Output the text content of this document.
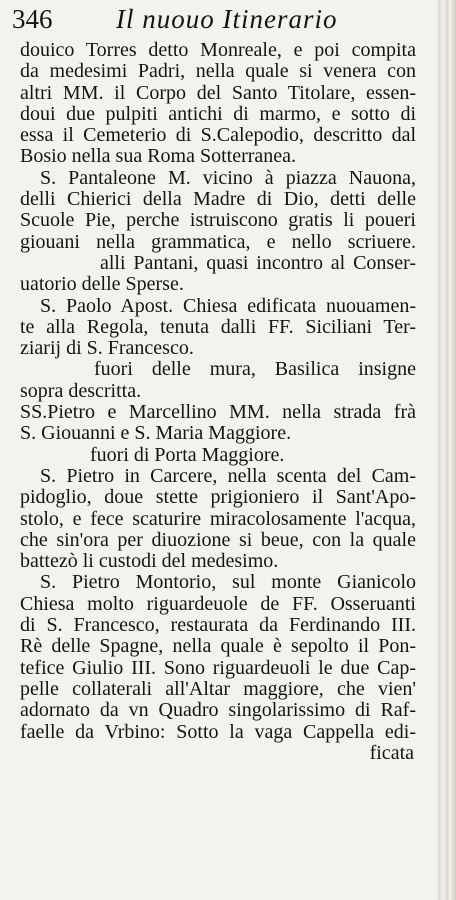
346 Il nuouo Itinerario
douico Torres detto Monreale, e poi compita
da medesimi Padri, nella quale si venera con
altri MM. il Corpo del Santo Titolare, essen-
doui due pulpiti antichi di marmo, e sotto di
essa il Cemeterio di S.Calepodio, descritto dal
Bosio nella sua Roma Sotterranea.
S. Pantaleone M. vicino à piazza Nauona,
delli Chierici della Madre di Dio, detti delle
Scuole Pie, perche istruiscono gratis li poueri
giouani nella grammatica, e nello scriuere.
alli Pantani, quasi incontro al Conser-
uatorio delle Sperse.
S. Paolo Apost. Chiesa edificata nuouamen-
te alla Regola, tenuta dalli FF. Siciliani Ter-
ziarij di S. Francesco.
fuori delle mura, Basilica insigne
sopra descritta.
SS.Pietro e Marcellino MM. nella strada frà
S. Giouanni e S. Maria Maggiore.
fuori di Porta Maggiore.
S. Pietro in Carcere, nella scenta del Cam-
pidoglio, doue stette prigioniero il Sant'Apo-
stolo, e fece scaturire miracolosamente l'acqua,
che sin'ora per diuozione si beue, con la quale
battezò li custodi del medesimo.
S. Pietro Montorio, sul monte Gianicolo
Chiesa molto riguardeuole de FF. Osseruanti
di S. Francesco, restaurata da Ferdinando III.
Rè delle Spagne, nella quale è sepolto il Pon-
tefice Giulio III. Sono riguardeuoli le due Cap-
pelle collaterali all'Altar maggiore, che vien'
adornato da vn Quadro singolarissimo di Raf-
faelle da Vrbino: Sotto la vaga Cappella edi-
ficata
